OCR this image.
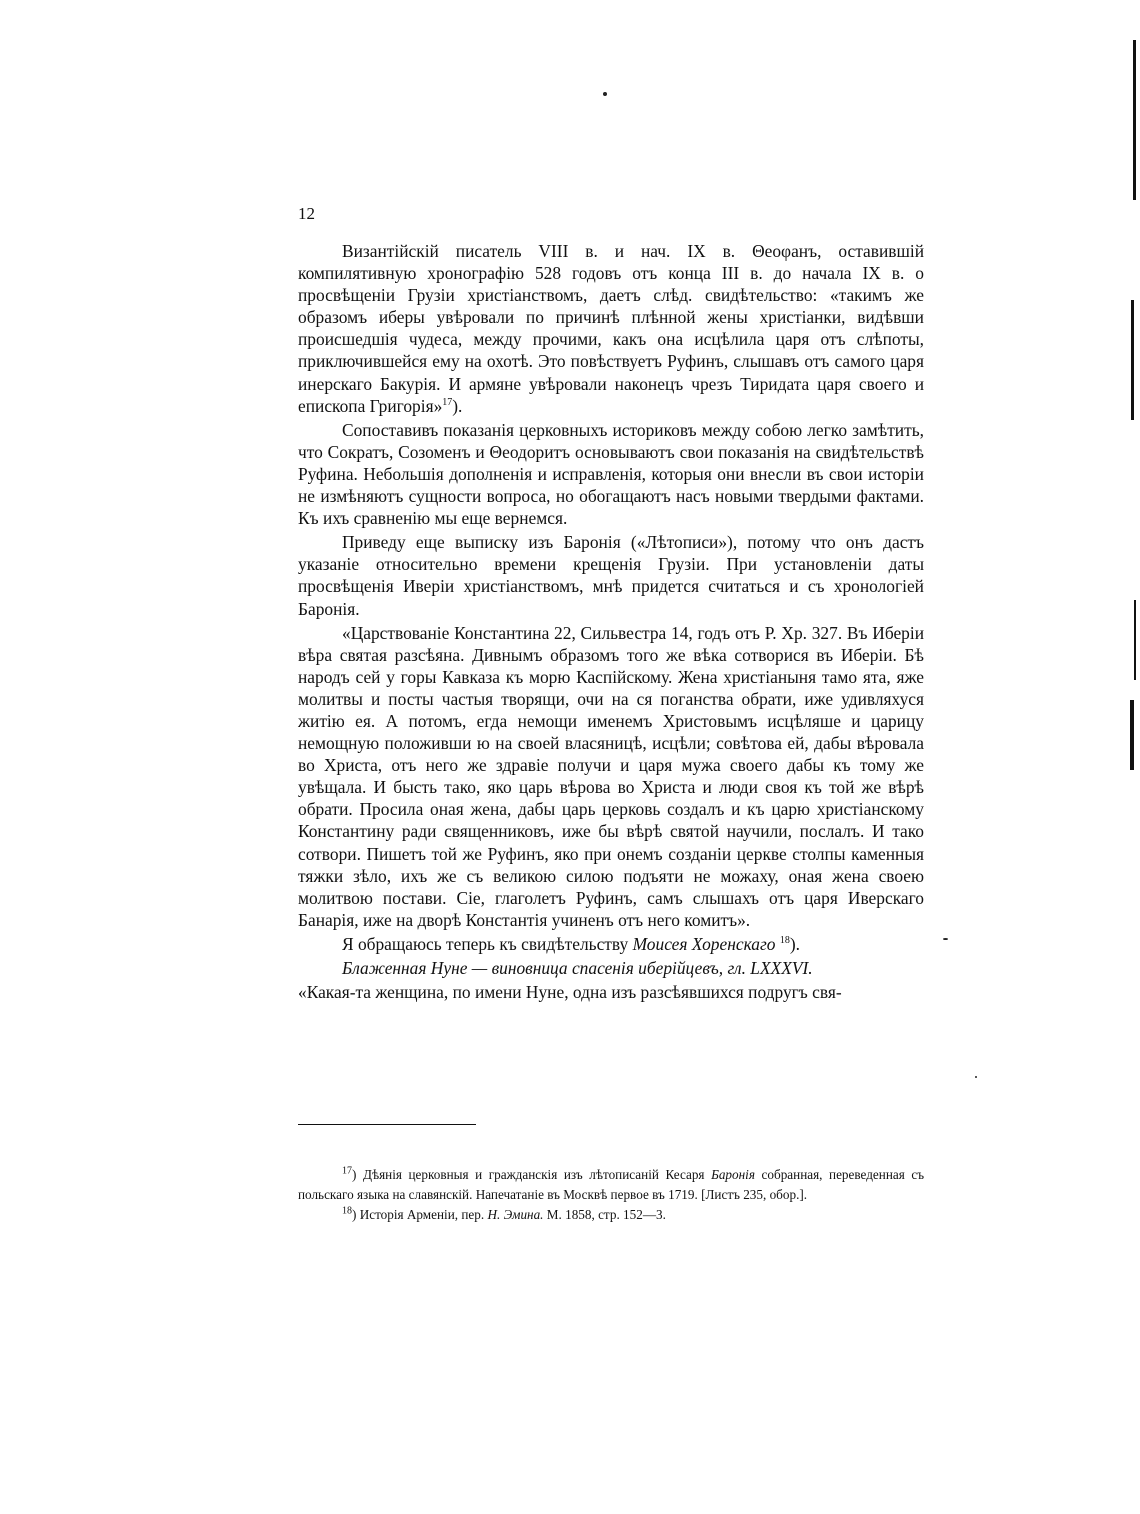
12

Византійскій писатель VIII в. и нач. IX в. Θеоφанъ, оставившій компилятивную хронографію 528 годовъ отъ конца III в. до начала IX в. о просвѣщеніи Грузіи христіанствомъ, даетъ слѣд. свидѣтельство: «такимъ же образомъ иберы увѣровали по причинѣ плѣнной жены христіанки, видѣвши происшедшія чудеса, между прочими, какъ она исцѣлила царя отъ слѣпоты, приключившейся ему на охотѣ. Это повѣствуетъ Руфинъ, слышавъ отъ самого царя инерскаго Бакурія. И армяне увѣровали наконецъ чрезъ Тиридата царя своего и епископа Григорія»$^{17}$).

Сопоставивъ показанія церковныхъ историковъ между собою легко замѣтить, что Сократъ, Созоменъ и Θеодоритъ основываютъ свои показанія на свидѣтельствѣ Руфина. Небольшія дополненія и исправленія, которыя они внесли въ свои исторіи не измѣняютъ сущности вопроса, но обогащаютъ насъ новыми твердыми фактами. Къ ихъ сравненію мы еще вернемся.

Приведу еще выписку изъ Баронія («Лѣтописи»), потому что онъ дастъ указаніе относительно времени крещенія Грузіи. При установленіи даты просвѣщенія Иверіи христіанствомъ, мнѣ придется считаться и съ хронологіей Баронія.

«Царствованіе Константина 22, Сильвестра 14, годъ отъ Р. Хр. 327. Въ Иберіи вѣра святая разсѣяна. Дивнымъ образомъ того же вѣка сотворися въ Иберіи. Бѣ народъ сей у горы Кавказа къ морю Каспійскому. Жена христіаныня тамо ята, яже молитвы и посты частыя творящи, очи на ся поганства обрати, иже удивляхуся житію ея. А потомъ, егда немощи именемъ Христовымъ исцѣляше и царицу немощную положивши ю на своей власяницѣ, исцѣли; совѣтова ей, дабы вѣровала во Христа, отъ него же здравіе получи и царя мужа своего дабы къ тому же увѣщала. И бысть тако, яко царь вѣрова во Христа и люди своя къ той же вѣрѣ обрати. Просила оная жена, дабы царь церковь создалъ и къ царю христіанскому Константину ради священниковъ, иже бы вѣрѣ святой научили, послалъ. И тако сотвори. Пишетъ той же Руфинъ, яко при онемъ созданіи церкве столпы каменныя тяжки зѣло, ихъ же съ великою силою подъяти не можаху, оная жена своею молитвою постави. Сіе, глаголетъ Руфинъ, самъ слышахъ отъ царя Иверскаго Банарія, иже на дворѣ Константія учиненъ отъ него комитъ».

Я обращаюсь теперь къ свидѣтельству Моисея Хоренскаго $^{18}$).

Блаженная Нуне — виновница спасенія иберійцевъ, гл. LXXXVI.

«Какая-та женщина, по имени Нуне, одна изъ разсѣявшихся подругъ свя-

$^{17}$) Дѣянія церковныя и гражданскія изъ лѣтописаній Кесаря Баронія собранная, переведенная съ польскаго языка на славянскій. Напечатаніе въ Москвѣ первое въ 1719. [Листъ 235, обор.].

$^{18}$) Исторія Арменіи, пер. Н. Эмина. М. 1858, стр. 152—3.
